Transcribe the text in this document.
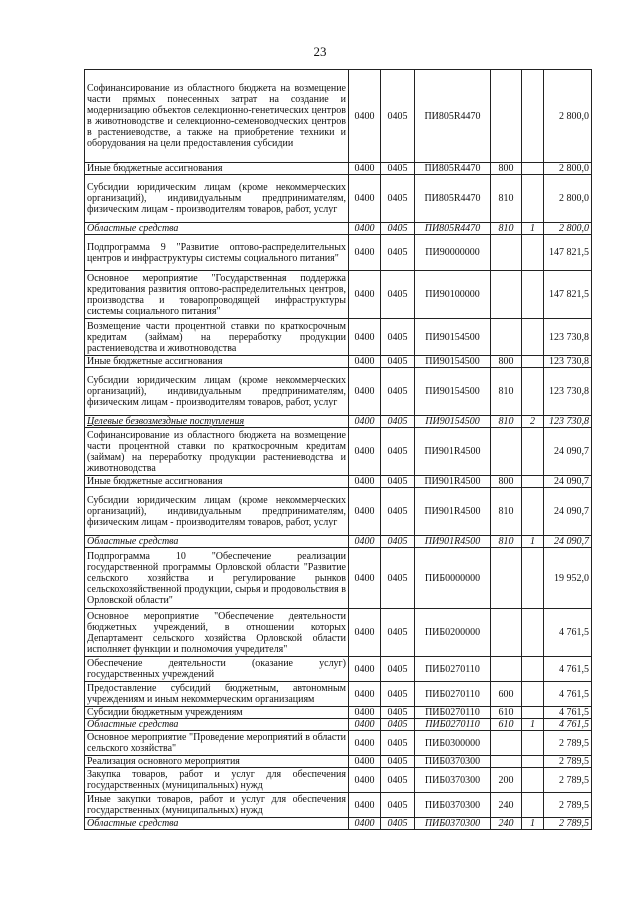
23
Софинансирование из областного бюджета на возмещение части прямых понесенных затрат на создание и модернизацию объектов селекционно-генетических центров в животноводстве и селекционно-семеноводческих центров в растениеводстве, а также на приобретение техники и оборудования на цели предоставления субсидии	0400	0405	ПИ805R4470			2 800,0
Иные бюджетные ассигнования	0400	0405	ПИ805R4470	800		2 800,0
Субсидии юридическим лицам (кроме некоммерческих организаций), индивидуальным предпринимателям, физическим лицам - производителям товаров, работ, услуг	0400	0405	ПИ805R4470	810		2 800,0
Областные средства	0400	0405	ПИ805R4470	810	1	2 800,0
Подпрограмма 9 "Развитие оптово-распределительных центров и инфраструктуры системы социального питания"	0400	0405	ПИ90000000			147 821,5
Основное мероприятие "Государственная поддержка кредитования развития оптово-распределительных центров, производства и товаропроводящей инфраструктуры системы социального питания"	0400	0405	ПИ90100000			147 821,5
Возмещение части процентной ставки по краткосрочным кредитам (займам) на переработку продукции растениеводства и животноводства	0400	0405	ПИ90154500			123 730,8
Иные бюджетные ассигнования	0400	0405	ПИ90154500	800		123 730,8
Субсидии юридическим лицам (кроме некоммерческих организаций), индивидуальным предпринимателям, физическим лицам - производителям товаров, работ, услуг	0400	0405	ПИ90154500	810		123 730,8
Целевые безвозмездные поступления	0400	0405	ПИ90154500	810	2	123 730,8
Софинансирование из областного бюджета на возмещение части процентной ставки по краткосрочным кредитам (займам) на переработку продукции растениеводства и животноводства	0400	0405	ПИ901R4500			24 090,7
Иные бюджетные ассигнования	0400	0405	ПИ901R4500	800		24 090,7
Субсидии юридическим лицам (кроме некоммерческих организаций), индивидуальным предпринимателям, физическим лицам - производителям товаров, работ, услуг	0400	0405	ПИ901R4500	810		24 090,7
Областные средства	0400	0405	ПИ901R4500	810	1	24 090,7
Подпрограмма 10 "Обеспечение реализации государственной программы Орловской области "Развитие сельского хозяйства и регулирование рынков сельскохозяйственной продукции, сырья и продовольствия в Орловской области"	0400	0405	ПИБ0000000			19 952,0
Основное мероприятие "Обеспечение деятельности бюджетных учреждений, в отношении которых Департамент сельского хозяйства Орловской области исполняет функции и полномочия учредителя"	0400	0405	ПИБ0200000			4 761,5
Обеспечение деятельности (оказание услуг) государственных учреждений	0400	0405	ПИБ0270110			4 761,5
Предоставление субсидий бюджетным, автономным учреждениям и иным некоммерческим организациям	0400	0405	ПИБ0270110	600		4 761,5
Субсидии бюджетным учреждениям	0400	0405	ПИБ0270110	610		4 761,5
Областные средства	0400	0405	ПИБ0270110	610	1	4 761,5
Основное мероприятие "Проведение мероприятий в области сельского хозяйства"	0400	0405	ПИБ0300000			2 789,5
Реализация основного мероприятия	0400	0405	ПИБ0370300			2 789,5
Закупка товаров, работ и услуг для обеспечения государственных (муниципальных) нужд	0400	0405	ПИБ0370300	200		2 789,5
Иные закупки товаров, работ и услуг для обеспечения государственных (муниципальных) нужд	0400	0405	ПИБ0370300	240		2 789,5
Областные средства	0400	0405	ПИБ0370300	240	1	2 789,5
